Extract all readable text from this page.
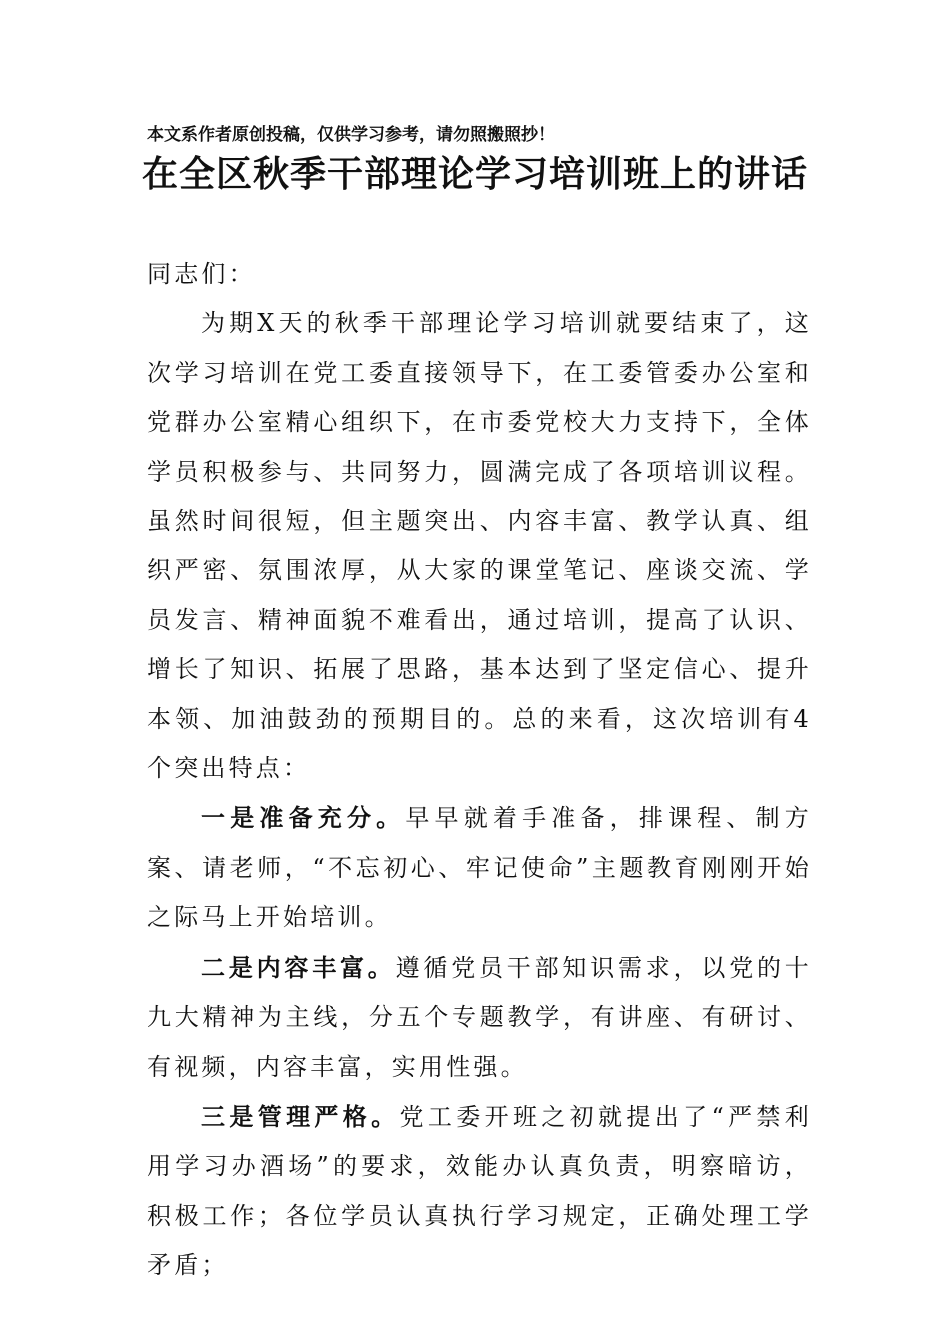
本文系作者原创投稿，仅供学习参考，请勿照搬照抄！
在全区秋季干部理论学习培训班上的讲话

同志们：

为期X天的秋季干部理论学习培训就要结束了，这次学习培训在党工委直接领导下，在工委管委办公室和党群办公室精心组织下，在市委党校大力支持下，全体学员积极参与、共同努力，圆满完成了各项培训议程。虽然时间很短，但主题突出、内容丰富、教学认真、组织严密、氛围浓厚，从大家的课堂笔记、座谈交流、学员发言、精神面貌不难看出，通过培训，提高了认识、增长了知识、拓展了思路，基本达到了坚定信心、提升本领、加油鼓劲的预期目的。总的来看，这次培训有4个突出特点：

一是准备充分。早早就着手准备，排课程、制方案、请老师，“不忘初心、牢记使命”主题教育刚刚开始之际马上开始培训。

二是内容丰富。遵循党员干部知识需求，以党的十九大精神为主线，分五个专题教学，有讲座、有研讨、有视频，内容丰富，实用性强。

三是管理严格。党工委开班之初就提出了“严禁利用学习办酒场”的要求，效能办认真负责，明察暗访，积极工作；各位学员认真执行学习规定，正确处理工学矛盾；
